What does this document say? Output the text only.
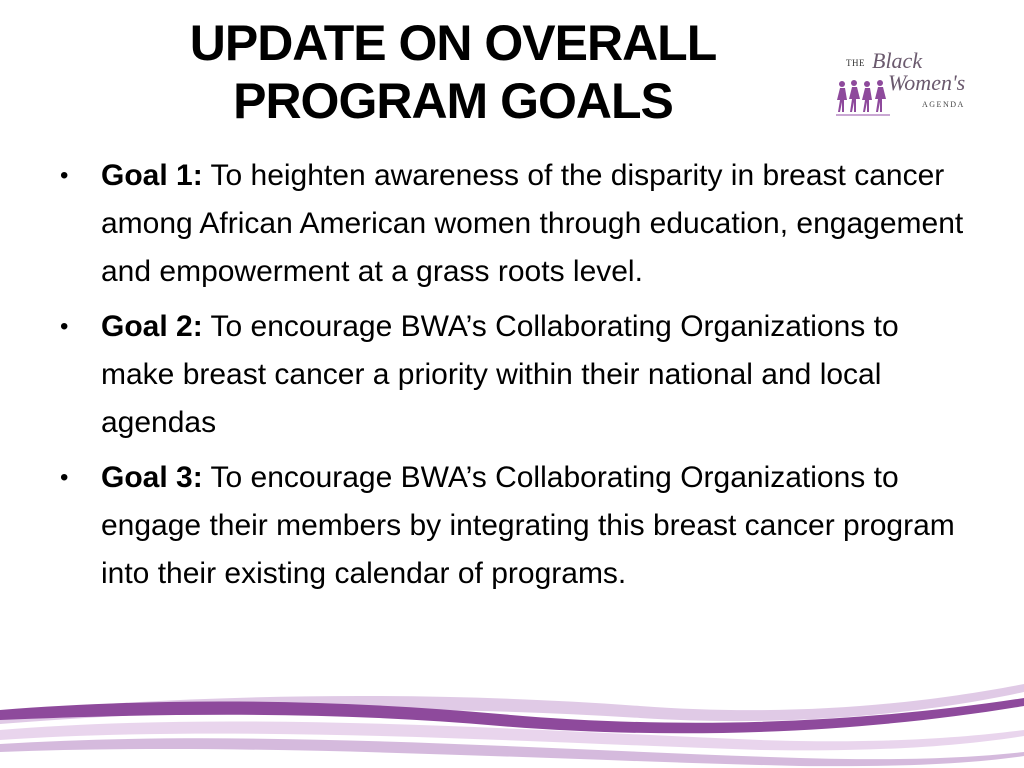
UPDATE ON OVERALL
PROGRAM GOALS
THE Black
Women's
AGENDA
• Goal 1: To heighten awareness of the disparity in breast cancer among African American women through education, engagement and empowerment at a grass roots level.
• Goal 2: To encourage BWA’s Collaborating Organizations to make breast cancer a priority within their national and local agendas
• Goal 3: To encourage BWA’s Collaborating Organizations to engage their members by integrating this breast cancer program into their existing calendar of programs.
